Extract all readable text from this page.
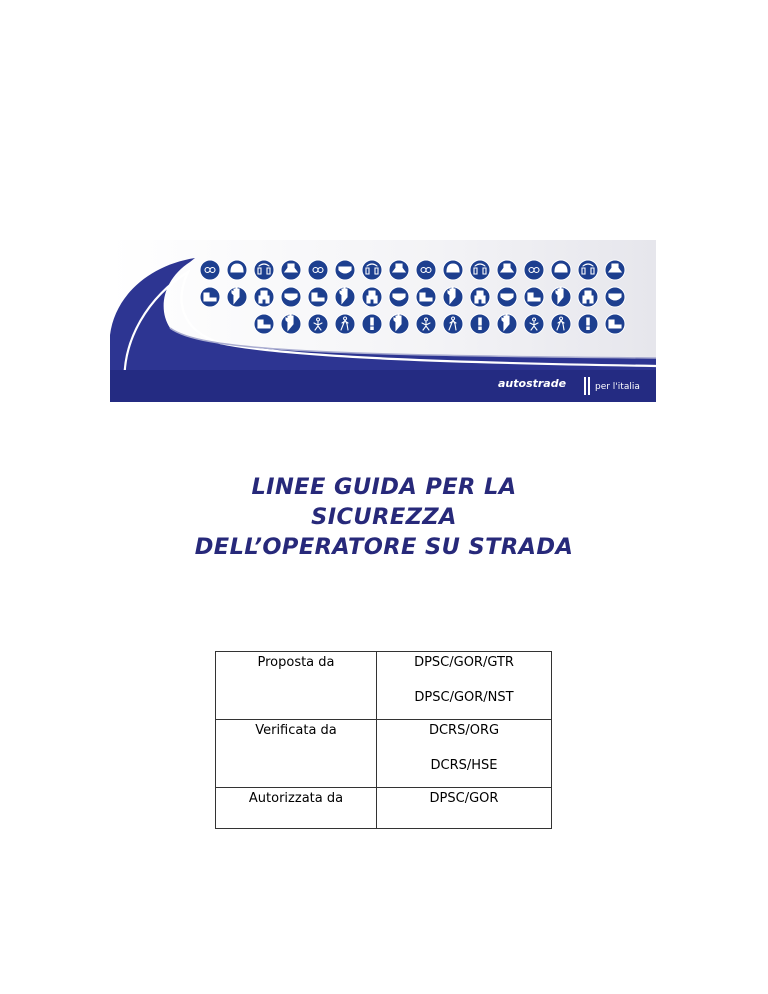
autostrade	per l'italia
LINEE GUIDA PER LA
SICUREZZA
DELL’OPERATORE SU STRADA
Proposta da	DPSC/GOR/GTR
DPSC/GOR/NST

Verificata da	DCRS/ORG
DCRS/HSE

Autorizzata da	DPSC/GOR
